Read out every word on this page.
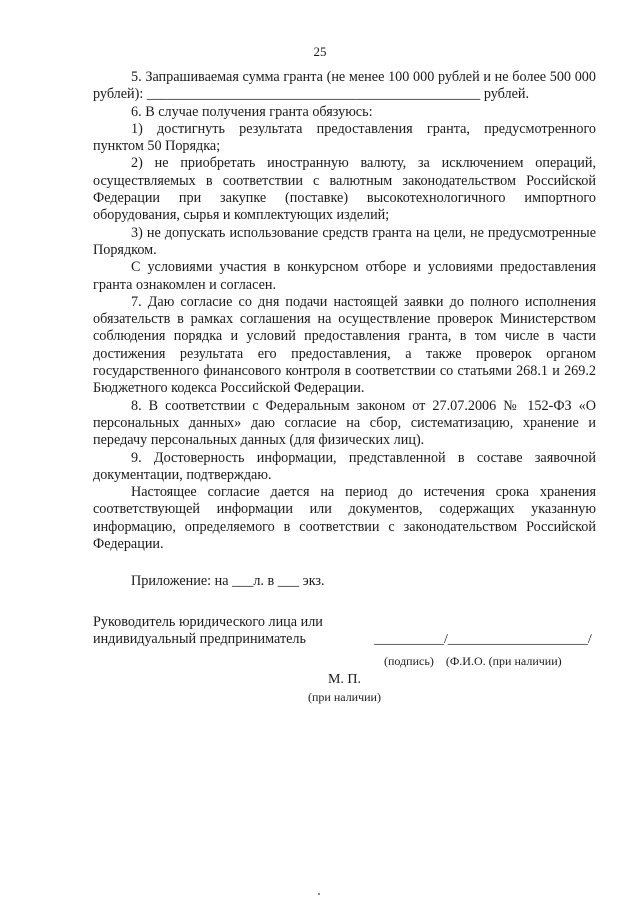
25

5. Запрашиваемая сумма гранта (не менее 100 000 рублей и не более 500 000 рублей): _______________________________________________ рублей.

6. В случае получения гранта обязуюсь:

1) достигнуть результата предоставления гранта, предусмотренного пунктом 50 Порядка;

2) не приобретать иностранную валюту, за исключением операций, осуществляемых в соответствии с валютным законодательством Российской Федерации при закупке (поставке) высокотехнологичного импортного оборудования, сырья и комплектующих изделий;

3) не допускать использование средств гранта на цели, не предусмотренные Порядком.

С условиями участия в конкурсном отборе и условиями предоставления гранта ознакомлен и согласен.

7. Даю согласие со дня подачи настоящей заявки до полного исполнения обязательств в рамках соглашения на осуществление проверок Министерством соблюдения порядка и условий предоставления гранта, в том числе в части достижения результата его предоставления, а также проверок органом государственного финансового контроля в соответствии со статьями 268.1 и 269.2 Бюджетного кодекса Российской Федерации.

8. В соответствии с Федеральным законом от 27.07.2006 № 152-ФЗ «О персональных данных» даю согласие на сбор, систематизацию, хранение и передачу персональных данных (для физических лиц).

9. Достоверность информации, представленной в составе заявочной документации, подтверждаю.

Настоящее согласие дается на период до истечения срока хранения соответствующей информации или документов, содержащих указанную информацию, определяемого в соответствии с законодательством Российской Федерации.

Приложение: на ___л. в ___ экз.

Руководитель юридического лица или
индивидуальный предприниматель	__________/____________________/
(подпись) (Ф.И.О. (при наличии)
М. П.
(при наличии)
